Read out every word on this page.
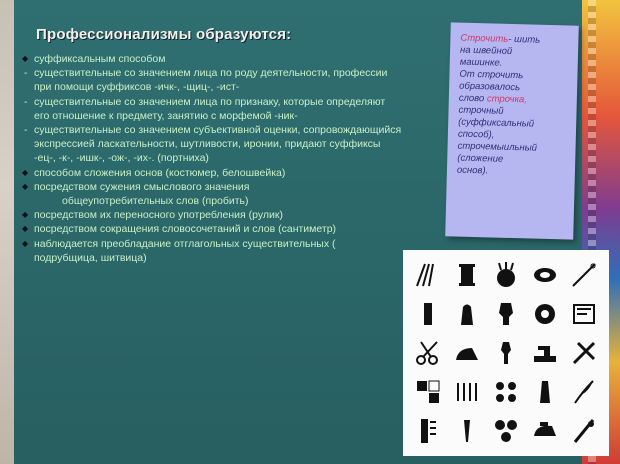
Профессионализмы образуются:
◆ суффиксальным способом
- существительные со значением лица по роду деятельности, профессии при помощи суффиксов -ичк-, -щиц-, -ист-
- существительные со значением лица по признаку, которые определяют его отношение к предмету, занятию с морфемой -ник-
- существительные со значением субъективной оценки, сопровождающийся экспрессией ласкательности, шутливости, иронии, придают суффиксы -ец-, -к-, -ишк-, -ож-, -их-. (портниха)
◆ способом сложения основ (костюмер, белошвейка)
◆ посредством сужения смыслового значения
общеупотребительных слов (пробить)
◆ посредством их переносного употребления (рулик)
◆ посредством сокращения словосочетаний и слов (сантиметр)
◆ наблюдается преобладание отглагольных существительных ( подрубщица, шитвица)
Строчить- шить
на швейной
машинке.
От строчить
образовалось
слово строчка,
строчный
(суффиксальный
способ),
строчемыильный
(сложение
основ).
